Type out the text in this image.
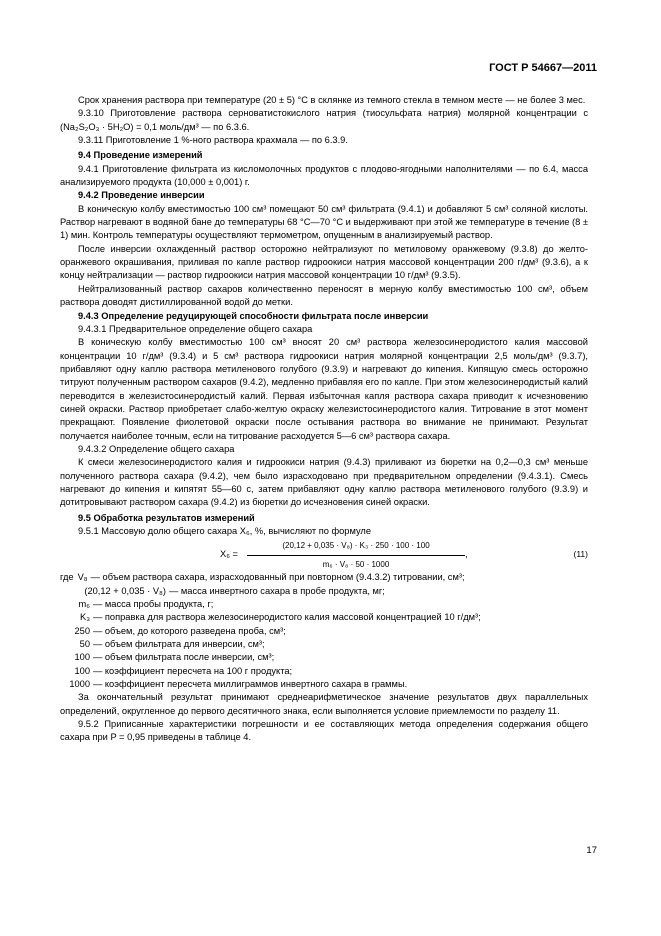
ГОСТ Р 54667—2011

Срок хранения раствора при температуре (20 ± 5) °С в склянке из темного стекла в темном месте — не более 3 мес.

9.3.10 Приготовление раствора серноватистокислого натрия (тиосульфата натрия) молярной концентрации c (Na₂S₂O₃ · 5H₂O) = 0,1 моль/дм³ — по 6.3.6.

9.3.11 Приготовление 1 %-ного раствора крахмала — по 6.3.9.

9.4 Проведение измерений

9.4.1 Приготовление фильтрата из кисломолочных продуктов с плодово-ягодными наполнителями — по 6.4, масса анализируемого продукта (10,000 ± 0,001) г.

9.4.2 Проведение инверсии

В коническую колбу вместимостью 100 см³ помещают 50 см³ фильтрата (9.4.1) и добавляют 5 см³ соляной кислоты. Раствор нагревают в водяной бане до температуры 68 °С—70 °С и выдерживают при этой же температуре в течение (8 ± 1) мин. Контроль температуры осуществляют термометром, опущенным в анализируемый раствор.

После инверсии охлажденный раствор осторожно нейтрализуют по метиловому оранжевому (9.3.8) до желто-оранжевого окрашивания, приливая по капле раствор гидроокиси натрия массовой концентрации 200 г/дм³ (9.3.6), а к концу нейтрализации — раствор гидроокиси натрия массовой концентрации 10 г/дм³ (9.3.5).

Нейтрализованный раствор сахаров количественно переносят в мерную колбу вместимостью 100 см³, объем раствора доводят дистиллированной водой до метки.

9.4.3 Определение редуцирующей способности фильтрата после инверсии

9.4.3.1 Предварительное определение общего сахара

В коническую колбу вместимостью 100 см³ вносят 20 см³ раствора железосинеродистого калия массовой концентрации 10 г/дм³ (9.3.4) и 5 см³ раствора гидроокиси натрия молярной концентрации 2,5 моль/дм³ (9.3.7), прибавляют одну каплю раствора метиленового голубого (9.3.9) и нагревают до кипения. Кипящую смесь осторожно титруют полученным раствором сахаров (9.4.2), медленно прибавляя его по капле. При этом железосинеродистый калий переводится в железистосинеродистый калий. Первая избыточная капля раствора сахара приводит к исчезновению синей окраски. Раствор приобретает слабо-желтую окраску железистосинеродистого калия. Титрование в этот момент прекращают. Появление фиолетовой окраски после остывания раствора во внимание не принимают. Результат получается наиболее точным, если на титрование расходуется 5—6 см³ раствора сахара.

9.4.3.2 Определение общего сахара

К смеси железосинеродистого калия и гидроокиси натрия (9.4.3) приливают из бюретки на 0,2—0,3 см³ меньше полученного раствора сахара (9.4.2), чем было израсходовано при предварительном определении (9.4.3.1). Смесь нагревают до кипения и кипятят 55—60 с, затем прибавляют одну каплю раствора метиленового голубого (9.3.9) и дотитровывают раствором сахара (9.4.2) из бюретки до исчезновения синей окраски.

9.5 Обработка результатов измерений

9.5.1 Массовую долю общего сахара X₆, %, вычисляют по формуле

$X_6 = \frac{\text{(20,12 + 0,035 · V₈) · K₃ · 250 · 100 · 100}}{\text{m₆ · V₈ · 50 · 1000}}$ ,	(11)
где V₈ — объем раствора сахара, израсходованный при повторном (9.4.3.2) титровании, см³;
(20,12 + 0,035 · V₈) — масса инвертного сахара в пробе продукта, мг;
m₆ — масса пробы продукта, г;
K₃ — поправка для раствора железосинеродистого калия массовой концентрацией 10 г/дм³;
250 — объем, до которого разведена проба, см³;
50 — объем фильтрата для инверсии, см³;
100 — объем фильтрата после инверсии, см³;
100 — коэффициент пересчета на 100 г продукта;
1000 — коэффициент пересчета миллиграммов инвертного сахара в граммы.

За окончательный результат принимают среднеарифметическое значение результатов двух параллельных определений, округленное до первого десятичного знака, если выполняется условие приемлемости по разделу 11.

9.5.2 Приписанные характеристики погрешности и ее составляющих метода определения содержания общего сахара при P = 0,95 приведены в таблице 4.

17
